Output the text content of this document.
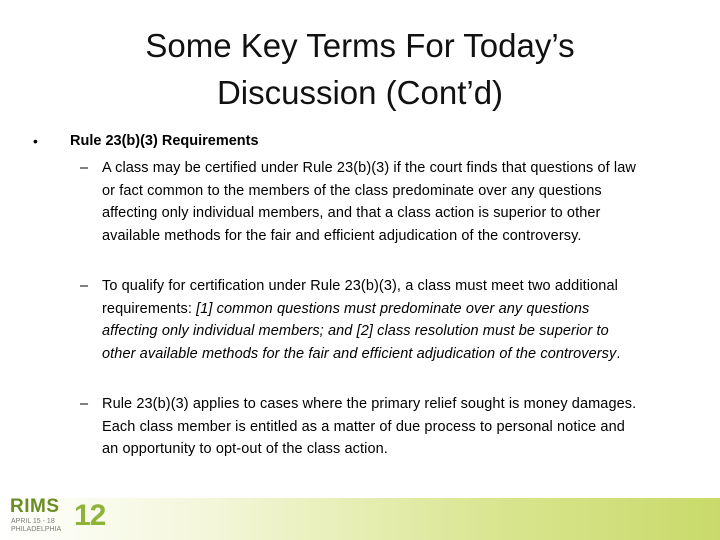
Some Key Terms For Today’s
Discussion (Cont’d)
• Rule 23(b)(3) Requirements
– A class may be certified under Rule 23(b)(3) if the court finds that questions of law or fact common to the members of the class predominate over any questions affecting only individual members, and that a class action is superior to other available methods for the fair and efficient adjudication of the controversy.
– To qualify for certification under Rule 23(b)(3), a class must meet two additional requirements: [1] common questions must predominate over any questions affecting only individual members; and [2] class resolution must be superior to other available methods for the fair and efficient adjudication of the controversy.
– Rule 23(b)(3) applies to cases where the primary relief sought is money damages. Each class member is entitled as a matter of due process to personal notice and an opportunity to opt-out of the class action.
RIMS 12
APRIL 15 - 18
PHILADELPHIA
